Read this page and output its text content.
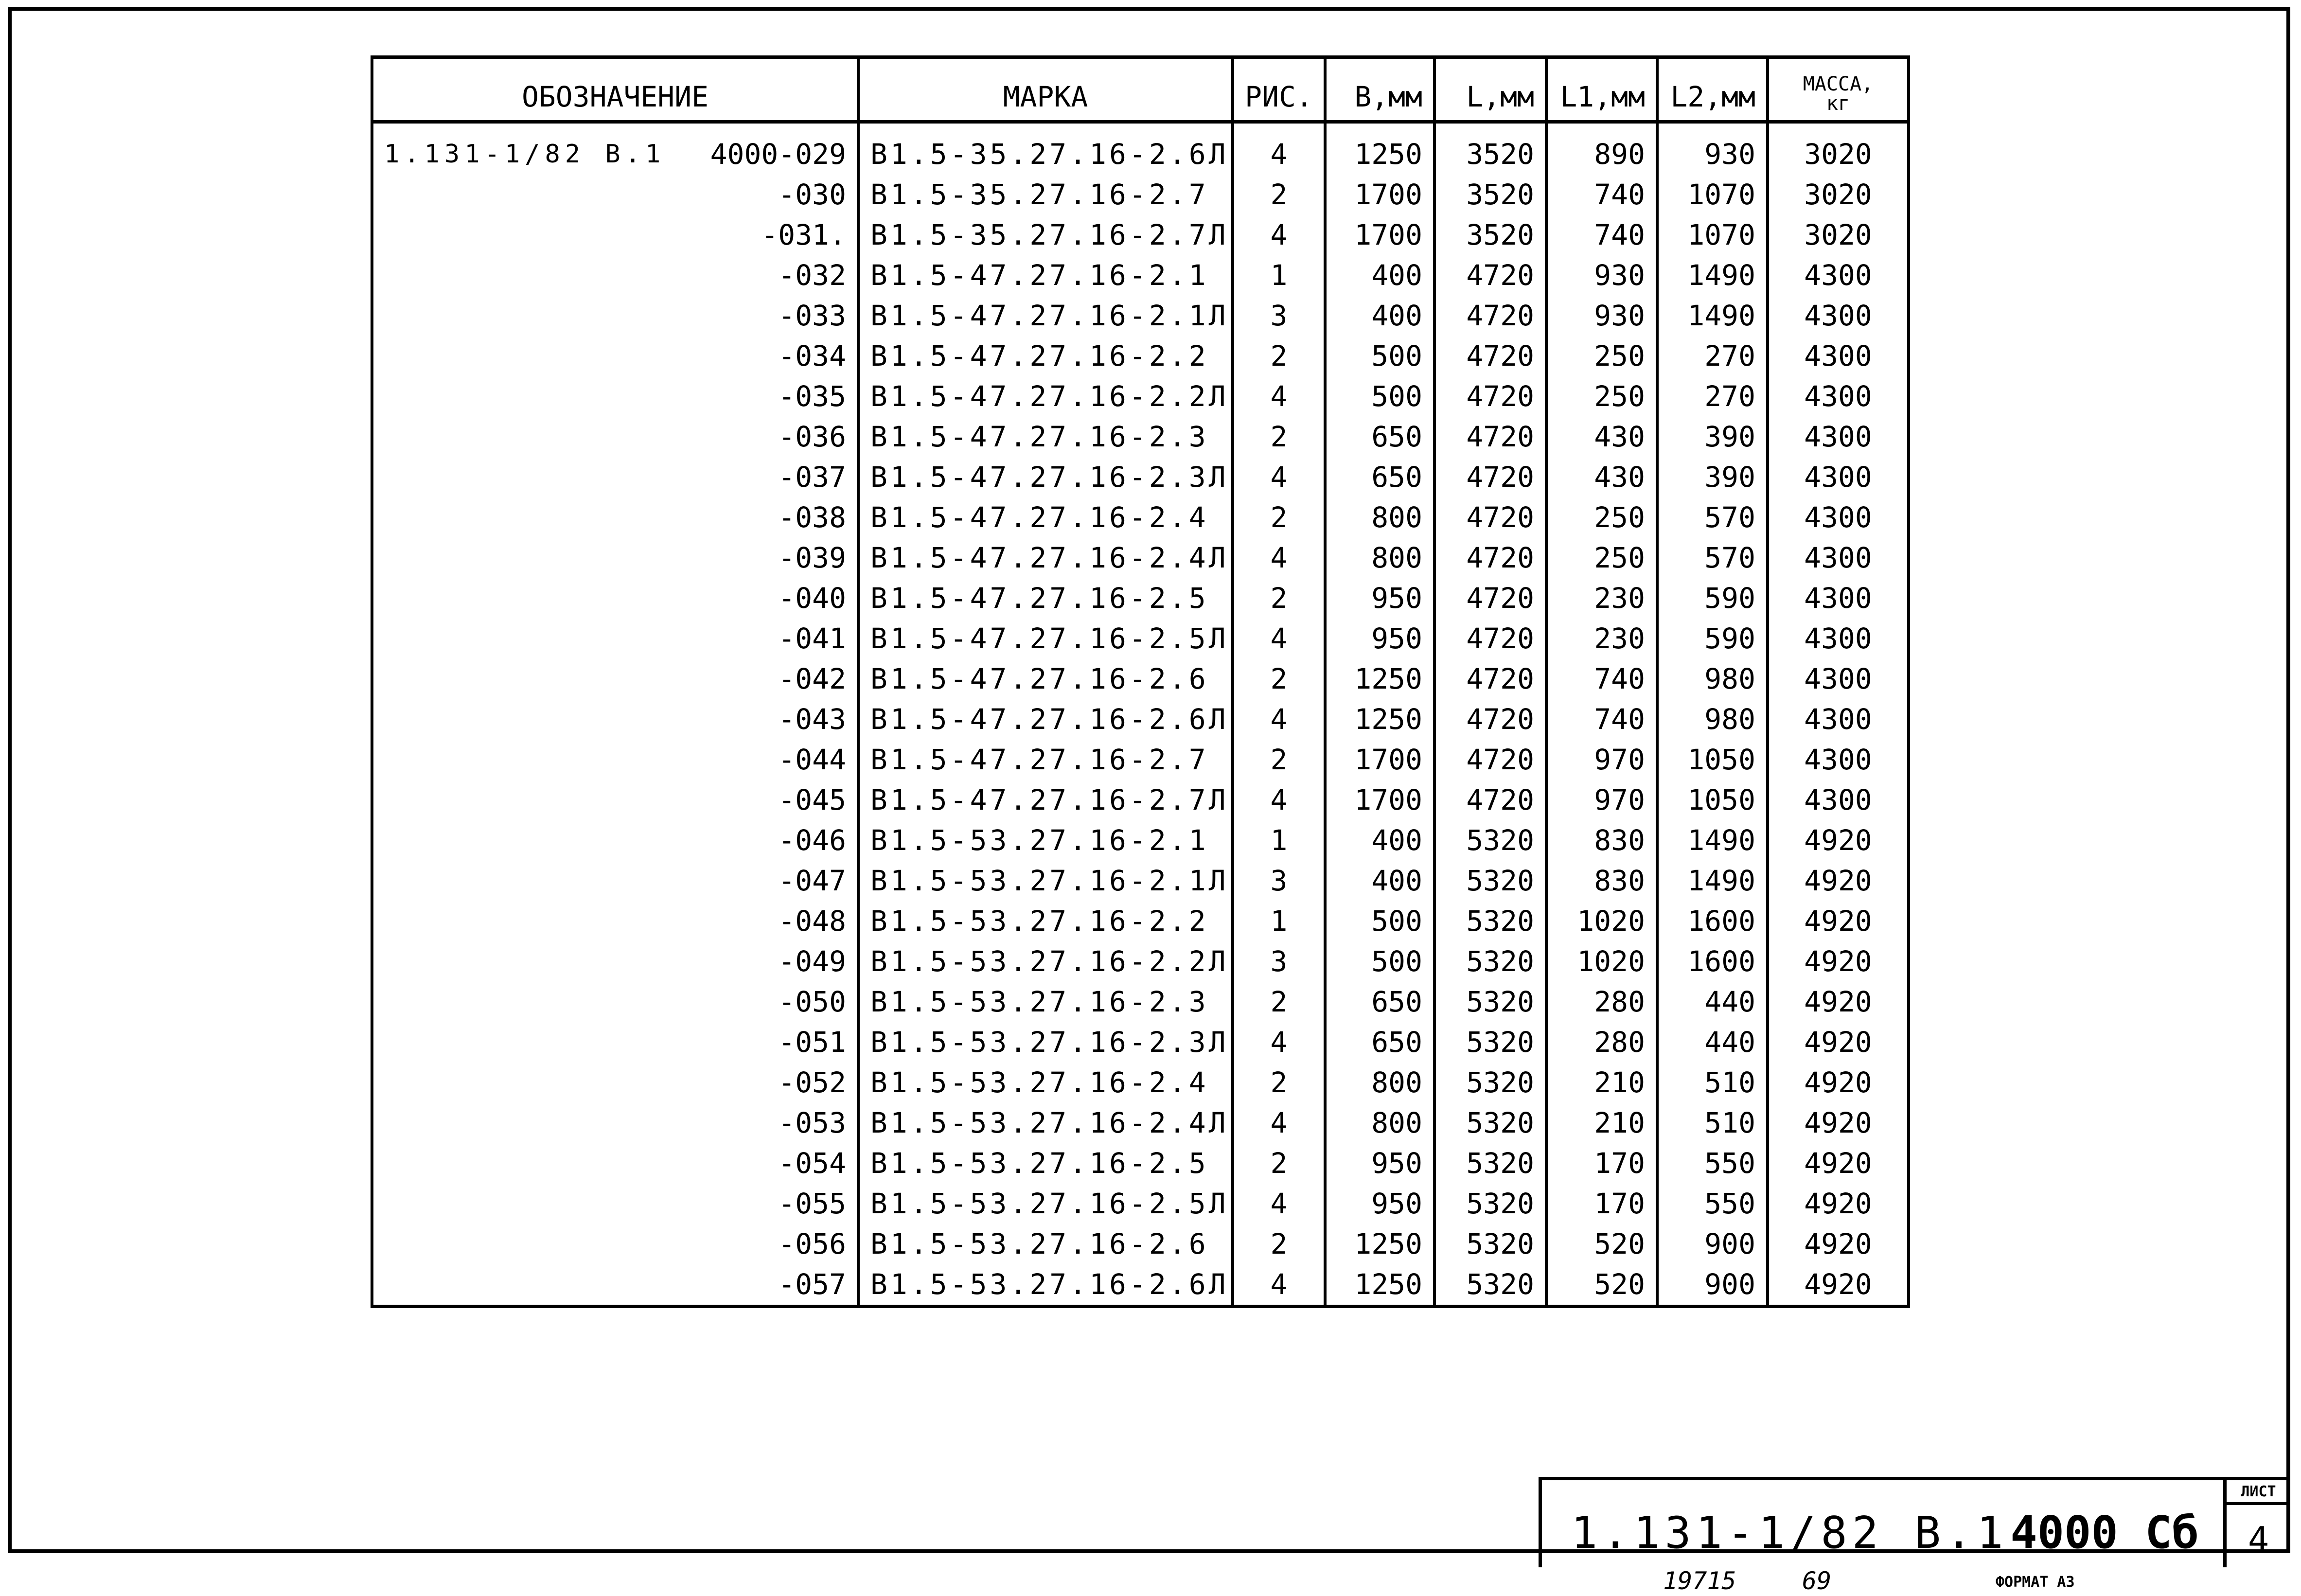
ОБОЗНАЧЕНИЕ	МАРКА	РИС.	B,мм	L,мм	L1,мм	L2,мм	МАССА,
кг

1.131-1/82 В.1 4000-029	В1.5-35.27.16-2.6Л	4	1250	3520	890	930	3020
-030	В1.5-35.27.16-2.7	2	1700	3520	740	1070	3020
-031.	В1.5-35.27.16-2.7Л	4	1700	3520	740	1070	3020
-032	В1.5-47.27.16-2.1	1	400	4720	930	1490	4300
-033	В1.5-47.27.16-2.1Л	3	400	4720	930	1490	4300
-034	В1.5-47.27.16-2.2	2	500	4720	250	270	4300
-035	В1.5-47.27.16-2.2Л	4	500	4720	250	270	4300
-036	В1.5-47.27.16-2.3	2	650	4720	430	390	4300
-037	В1.5-47.27.16-2.3Л	4	650	4720	430	390	4300
-038	В1.5-47.27.16-2.4	2	800	4720	250	570	4300
-039	В1.5-47.27.16-2.4Л	4	800	4720	250	570	4300
-040	В1.5-47.27.16-2.5	2	950	4720	230	590	4300
-041	В1.5-47.27.16-2.5Л	4	950	4720	230	590	4300
-042	В1.5-47.27.16-2.6	2	1250	4720	740	980	4300
-043	В1.5-47.27.16-2.6Л	4	1250	4720	740	980	4300
-044	В1.5-47.27.16-2.7	2	1700	4720	970	1050	4300
-045	В1.5-47.27.16-2.7Л	4	1700	4720	970	1050	4300
-046	В1.5-53.27.16-2.1	1	400	5320	830	1490	4920
-047	В1.5-53.27.16-2.1Л	3	400	5320	830	1490	4920
-048	В1.5-53.27.16-2.2	1	500	5320	1020	1600	4920
-049	В1.5-53.27.16-2.2Л	3	500	5320	1020	1600	4920
-050	В1.5-53.27.16-2.3	2	650	5320	280	440	4920
-051	В1.5-53.27.16-2.3Л	4	650	5320	280	440	4920
-052	В1.5-53.27.16-2.4	2	800	5320	210	510	4920
-053	В1.5-53.27.16-2.4Л	4	800	5320	210	510	4920
-054	В1.5-53.27.16-2.5	2	950	5320	170	550	4920
-055	В1.5-53.27.16-2.5Л	4	950	5320	170	550	4920
-056	В1.5-53.27.16-2.6	2	1250	5320	520	900	4920
-057	В1.5-53.27.16-2.6Л	4	1250	5320	520	900	4920
1.131-1/82 В.1 4000 Сб
ЛИСТ
4
19715	69	ФОРМАТ А3
